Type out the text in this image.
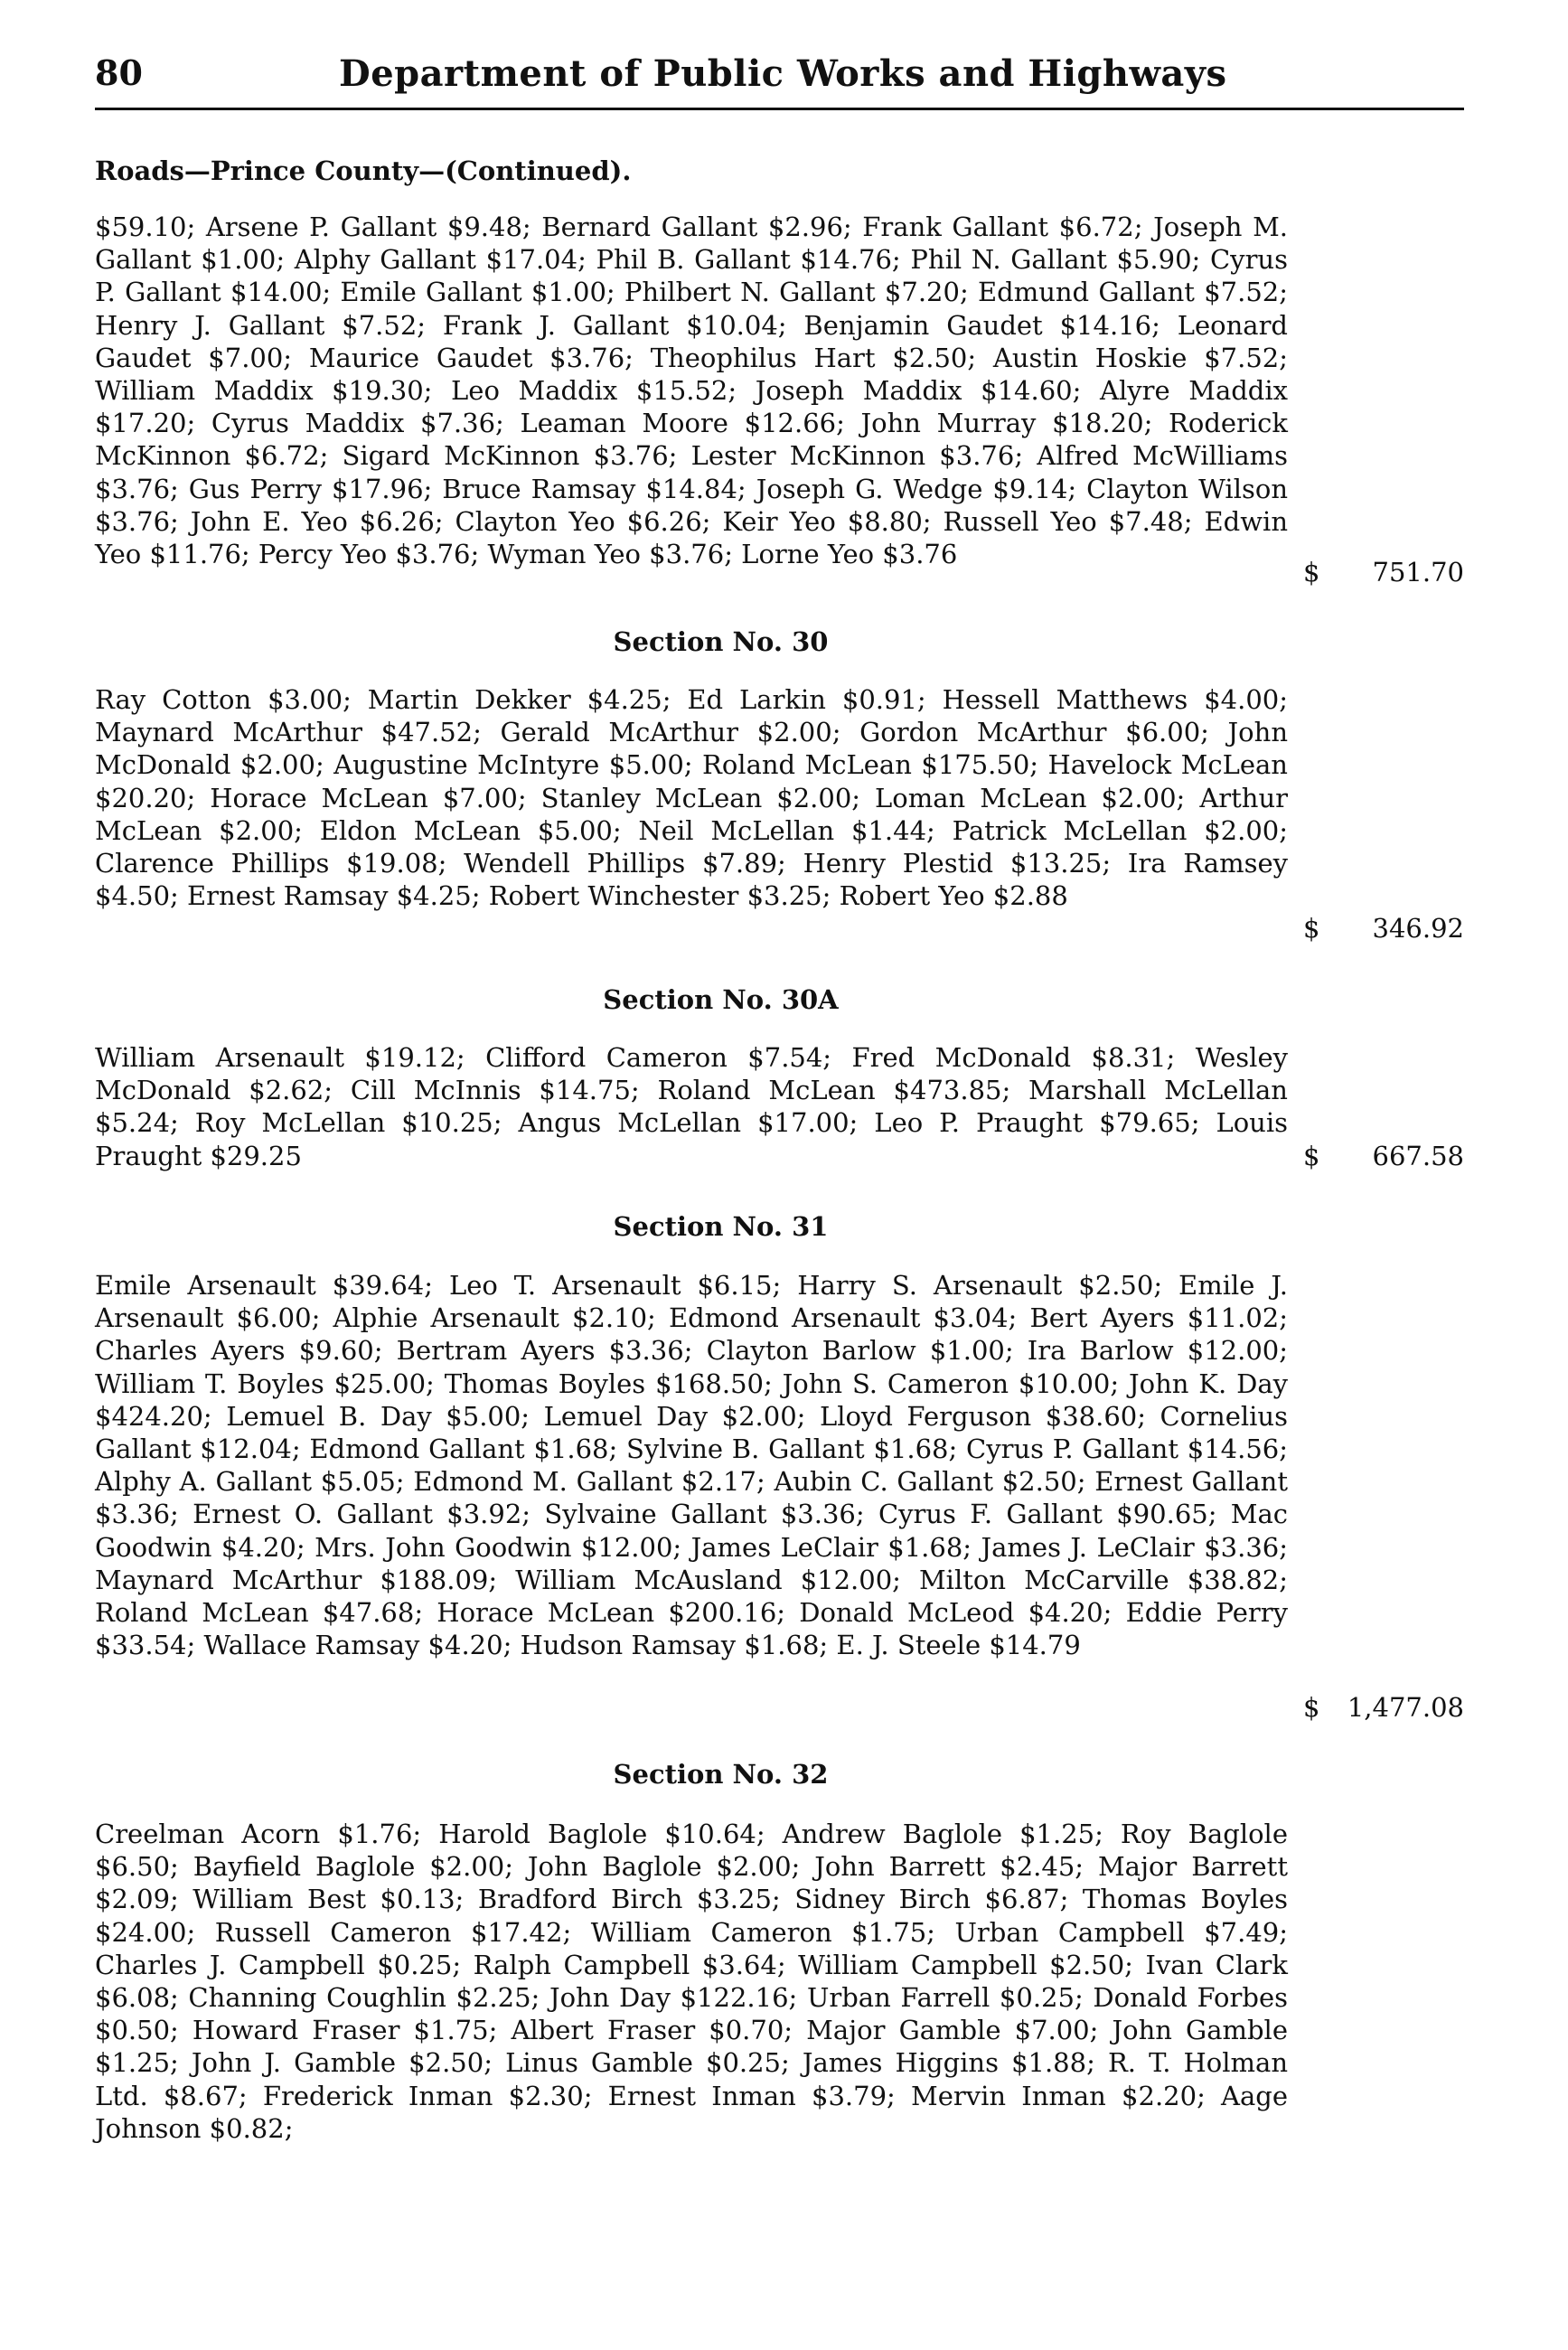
80	Department of Public Works and Highways
Roads—Prince County—(Continued).
$59.10; Arsene P. Gallant $9.48; Bernard Gallant $2.96; Frank Gallant $6.72; Joseph M. Gallant $1.00; Alphy Gallant $17.04; Phil B. Gallant $14.76; Phil N. Gallant $5.90; Cyrus P. Gallant $14.00; Emile Gallant $1.00; Philbert N. Gallant $7.20; Edmund Gallant $7.52; Henry J. Gallant $7.52; Frank J. Gallant $10.04; Benjamin Gaudet $14.16; Leonard Gaudet $7.00; Maurice Gaudet $3.76; Theophilus Hart $2.50; Austin Hoskie $7.52; William Maddix $19.30; Leo Maddix $15.52; Joseph Maddix $14.60; Alyre Maddix $17.20; Cyrus Maddix $7.36; Leaman Moore $12.66; John Murray $18.20; Roderick McKinnon $6.72; Sigard McKinnon $3.76; Lester McKinnon $3.76; Alfred McWilliams $3.76; Gus Perry $17.96; Bruce Ramsay $14.84; Joseph G. Wedge $9.14; Clayton Wilson $3.76; John E. Yeo $6.26; Clayton Yeo $6.26; Keir Yeo $8.80; Russell Yeo $7.48; Edwin Yeo $11.76; Percy Yeo $3.76; Wyman Yeo $3.76; Lorne Yeo $3.76
$ 751.70
Section No. 30
Ray Cotton $3.00; Martin Dekker $4.25; Ed Larkin $0.91; Hessell Matthews $4.00; Maynard McArthur $47.52; Gerald McArthur $2.00; Gordon McArthur $6.00; John McDonald $2.00; Augustine McIntyre $5.00; Roland McLean $175.50; Havelock McLean $20.20; Horace McLean $7.00; Stanley McLean $2.00; Loman McLean $2.00; Arthur McLean $2.00; Eldon McLean $5.00; Neil McLellan $1.44; Patrick McLellan $2.00; Clarence Phillips $19.08; Wendell Phillips $7.89; Henry Plestid $13.25; Ira Ramsey $4.50; Ernest Ramsay $4.25; Robert Winchester $3.25; Robert Yeo $2.88
$ 346.92
Section No. 30A
William Arsenault $19.12; Clifford Cameron $7.54; Fred McDonald $8.31; Wesley McDonald $2.62; Cill McInnis $14.75; Roland McLean $473.85; Marshall McLellan $5.24; Roy McLellan $10.25; Angus McLellan $17.00; Leo P. Praught $79.65; Louis Praught $29.25	$ 667.58
Section No. 31
Emile Arsenault $39.64; Leo T. Arsenault $6.15; Harry S. Arsenault $2.50; Emile J. Arsenault $6.00; Alphie Arsenault $2.10; Edmond Arsenault $3.04; Bert Ayers $11.02; Charles Ayers $9.60; Bertram Ayers $3.36; Clayton Barlow $1.00; Ira Barlow $12.00; William T. Boyles $25.00; Thomas Boyles $168.50; John S. Cameron $10.00; John K. Day $424.20; Lemuel B. Day $5.00; Lemuel Day $2.00; Lloyd Ferguson $38.60; Cornelius Gallant $12.04; Edmond Gallant $1.68; Sylvine B. Gallant $1.68; Cyrus P. Gallant $14.56; Alphy A. Gallant $5.05; Edmond M. Gallant $2.17; Aubin C. Gallant $2.50; Ernest Gallant $3.36; Ernest O. Gallant $3.92; Sylvaine Gallant $3.36; Cyrus F. Gallant $90.65; Mac Goodwin $4.20; Mrs. John Goodwin $12.00; James LeClair $1.68; James J. LeClair $3.36; Maynard McArthur $188.09; William McAusland $12.00; Milton McCarville $38.82; Roland McLean $47.68; Horace McLean $200.16; Donald McLeod $4.20; Eddie Perry $33.54; Wallace Ramsay $4.20; Hudson Ramsay $1.68; E. J. Steele $14.79
$ 1,477.08
Section No. 32
Creelman Acorn $1.76; Harold Baglole $10.64; Andrew Baglole $1.25; Roy Baglole $6.50; Bayfield Baglole $2.00; John Baglole $2.00; John Barrett $2.45; Major Barrett $2.09; William Best $0.13; Bradford Birch $3.25; Sidney Birch $6.87; Thomas Boyles $24.00; Russell Cameron $17.42; William Cameron $1.75; Urban Campbell $7.49; Charles J. Campbell $0.25; Ralph Campbell $3.64; William Campbell $2.50; Ivan Clark $6.08; Channing Coughlin $2.25; John Day $122.16; Urban Farrell $0.25; Donald Forbes $0.50; Howard Fraser $1.75; Albert Fraser $0.70; Major Gamble $7.00; John Gamble $1.25; John J. Gamble $2.50; Linus Gamble $0.25; James Higgins $1.88; R. T. Holman Ltd. $8.67; Frederick Inman $2.30; Ernest Inman $3.79; Mervin Inman $2.20; Aage Johnson $0.82;
